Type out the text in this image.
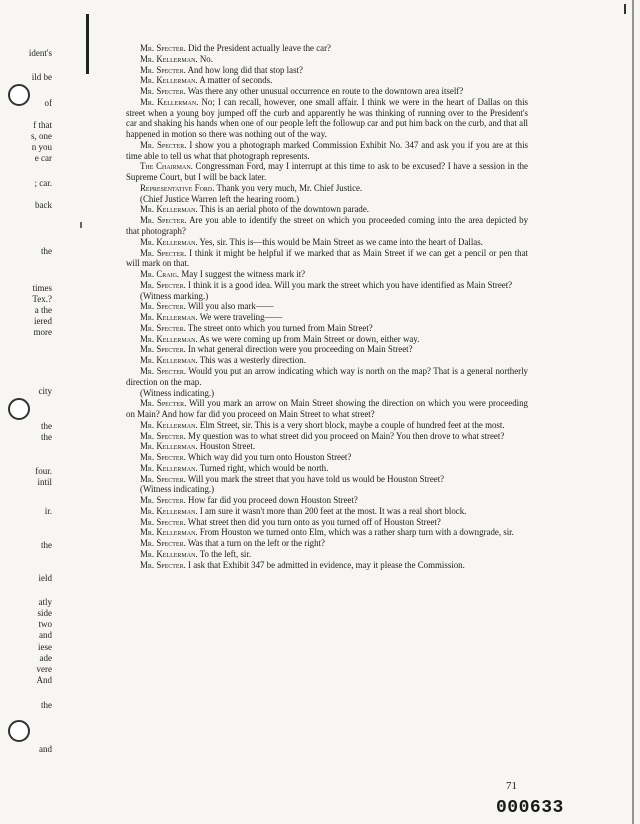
ident's
ild be
of
f that
s, one
n you
e car
; car.
back
the
times
Tex.?
a the
iered
more
city
the
the
four.
intil
ir.
the
ield
atly
side
two
and
iese
ade
vere
And
the
and

Mr. Specter. Did the President actually leave the car?

Mr. Kellerman. No.

Mr. Specter. And how long did that stop last?

Mr. Kellerman. A matter of seconds.

Mr. Specter. Was there any other unusual occurrence en route to the downtown area itself?

Mr. Kellerman. No; I can recall, however, one small affair. I think we were in the heart of Dallas on this street when a young boy jumped off the curb and apparently he was thinking of running over to the President's car and shaking his hands when one of our people left the followup car and put him back on the curb, and that all happened in motion so there was nothing out of the way.

Mr. Specter. I show you a photograph marked Commission Exhibit No. 347 and ask you if you are at this time able to tell us what that photograph represents.

The Chairman. Congressman Ford, may I interrupt at this time to ask to be excused? I have a session in the Supreme Court, but I will be back later.

Representative Ford. Thank you very much, Mr. Chief Justice.

(Chief Justice Warren left the hearing room.)

Mr. Kellerman. This is an aerial photo of the downtown parade.

Mr. Specter. Are you able to identify the street on which you proceeded coming into the area depicted by that photograph?

Mr. Kellerman. Yes, sir. This is—this would be Main Street as we came into the heart of Dallas.

Mr. Specter. I think it might be helpful if we marked that as Main Street if we can get a pencil or pen that will mark on that.

Mr. Craig. May I suggest the witness mark it?

Mr. Specter. I think it is a good idea. Will you mark the street which you have identified as Main Street?

(Witness marking.)

Mr. Specter. Will you also mark——

Mr. Kellerman. We were traveling——

Mr. Specter. The street onto which you turned from Main Street?

Mr. Kellerman. As we were coming up from Main Street or down, either way.

Mr. Specter. In what general direction were you proceeding on Main Street?

Mr. Kellerman. This was a westerly direction.

Mr. Specter. Would you put an arrow indicating which way is north on the map? That is a general northerly direction on the map.

(Witness indicating.)

Mr. Specter. Will you mark an arrow on Main Street showing the direction on which you were proceeding on Main? And how far did you proceed on Main Street to what street?

Mr. Kellerman. Elm Street, sir. This is a very short block, maybe a couple of hundred feet at the most.

Mr. Specter. My question was to what street did you proceed on Main? You then drove to what street?

Mr. Kellerman. Houston Street.

Mr. Specter. Which way did you turn onto Houston Street?

Mr. Kellerman. Turned right, which would be north.

Mr. Specter. Will you mark the street that you have told us would be Houston Street?

(Witness indicating.)

Mr. Specter. How far did you proceed down Houston Street?

Mr. Kellerman. I am sure it wasn't more than 200 feet at the most. It was a real short block.

Mr. Specter. What street then did you turn onto as you turned off of Houston Street?

Mr. Kellerman. From Houston we turned onto Elm, which was a rather sharp turn with a downgrade, sir.

Mr. Specter. Was that a turn on the left or the right?

Mr. Kellerman. To the left, sir.

Mr. Specter. I ask that Exhibit 347 be admitted in evidence, may it please the Commission.

71
000633
